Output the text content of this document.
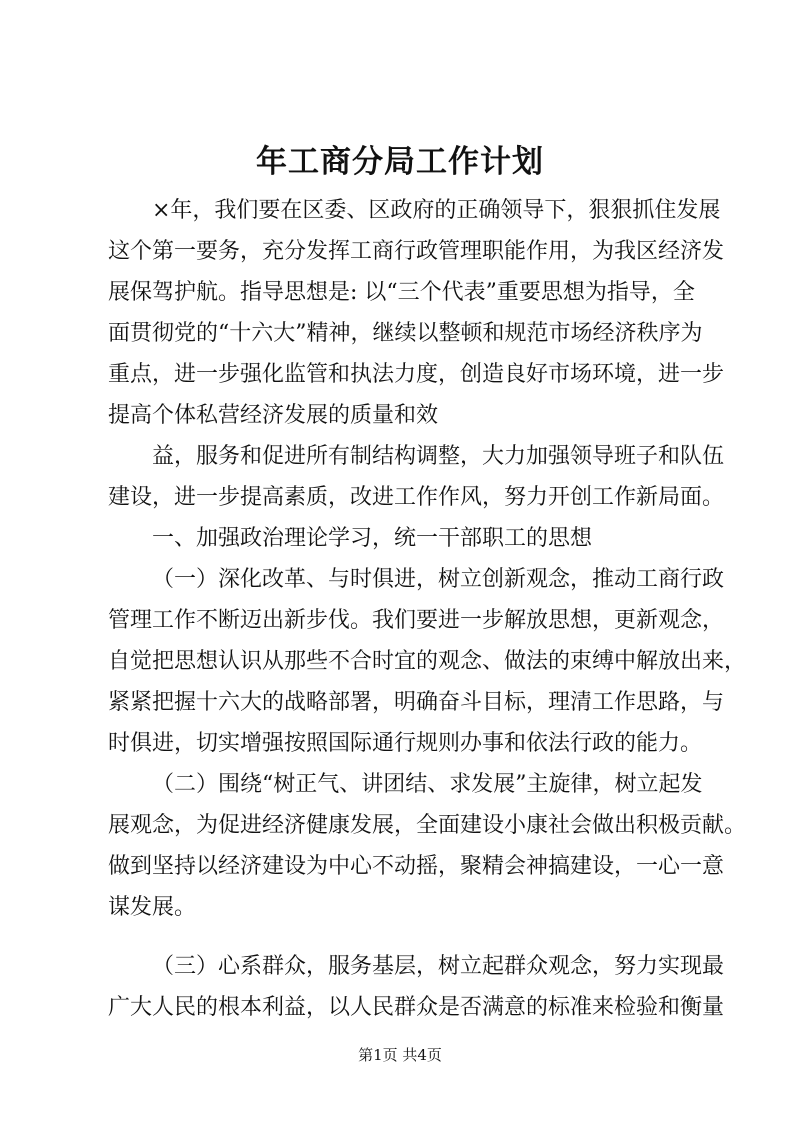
年工商分局工作计划

×年，我们要在区委、区政府的正确领导下，狠狠抓住发展
这个第一要务，充分发挥工商行政管理职能作用，为我区经济发
展保驾护航。指导思想是: 以“三个代表”重要思想为指导，全
面贯彻党的“十六大”精神，继续以整顿和规范市场经济秩序为
重点，进一步强化监管和执法力度，创造良好市场环境，进一步
提高个体私营经济发展的质量和效

益，服务和促进所有制结构调整，大力加强领导班子和队伍
建设，进一步提高素质，改进工作作风，努力开创工作新局面。

一、加强政治理论学习，统一干部职工的思想

（一）深化改革、与时俱进，树立创新观念，推动工商行政
管理工作不断迈出新步伐。我们要进一步解放思想，更新观念，
自觉把思想认识从那些不合时宜的观念、做法的束缚中解放出来，
紧紧把握十六大的战略部署，明确奋斗目标，理清工作思路，与
时俱进，切实增强按照国际通行规则办事和依法行政的能力。

（二）围绕“树正气、讲团结、求发展”主旋律，树立起发
展观念，为促进经济健康发展，全面建设小康社会做出积极贡献。
做到坚持以经济建设为中心不动摇，聚精会神搞建设，一心一意
谋发展。

（三）心系群众，服务基层，树立起群众观念，努力实现最
广大人民的根本利益，以人民群众是否满意的标准来检验和衡量

第1页 共4页
